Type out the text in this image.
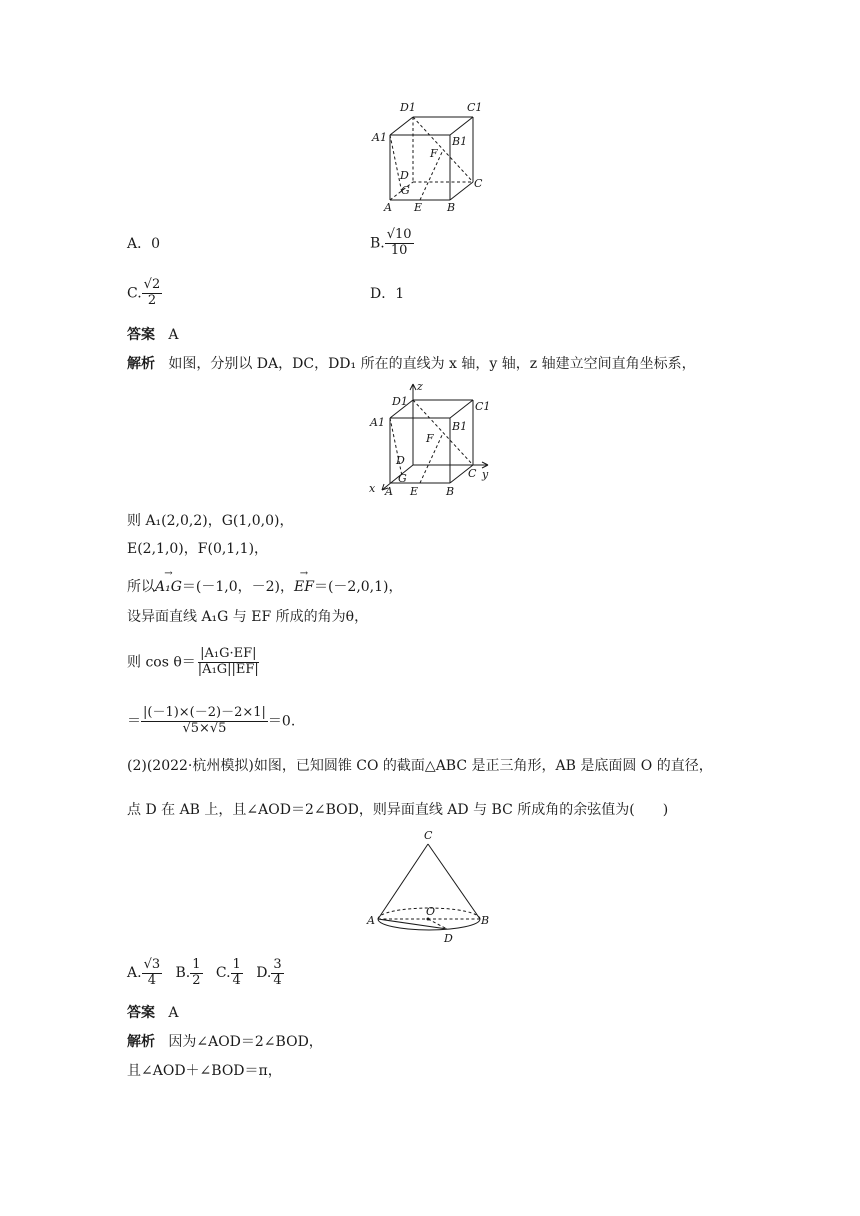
D1	C1
A1	B1
F
D
C
G
A E B
A．0	B. $\frac{√10}{10}$
C. $\frac{√2}{2}$	D．1
答案 A
解析 如图，分别以 DA，DC，DD₁ 所在的直线为 x 轴，y 轴，z 轴建立空间直角坐标系，
z
y
x
D1	C1
A1	B1
F
D
C
G
A E	B
则 A₁(2,0,2)，G(1,0,0)，
E(2,1,0)，F(0,1,1)，
所以→ A₁G＝(－1,0，－2)，→ EF＝(－2,0,1)，
设异面直线 A₁G 与 EF 所成的角为θ，
则 $\cos \theta= \frac{\text{|A₁G·EF|}}{\text{|A₁G||EF|}}$
＝ $\frac{|(-1)\times(-2)-2\times 1|}{√5\times√5} =0$.
(2)(2022·杭州模拟)如图，已知圆锥 CO 的截面△ABC 是正三角形，AB 是底面圆 O 的直径，
点 D 在 AB 上，且∠AOD＝2∠BOD，则异面直线 AD 与 BC 所成角的余弦值为(　　)
C
A
O
B
D
A. $\frac{√3}{4} B$. $\frac{1}{2} C$. $\frac{1}{4} D$. $\frac{3}{4}$
答案 A
解析 因为∠AOD＝2∠BOD，
且∠AOD＋∠BOD＝π，
